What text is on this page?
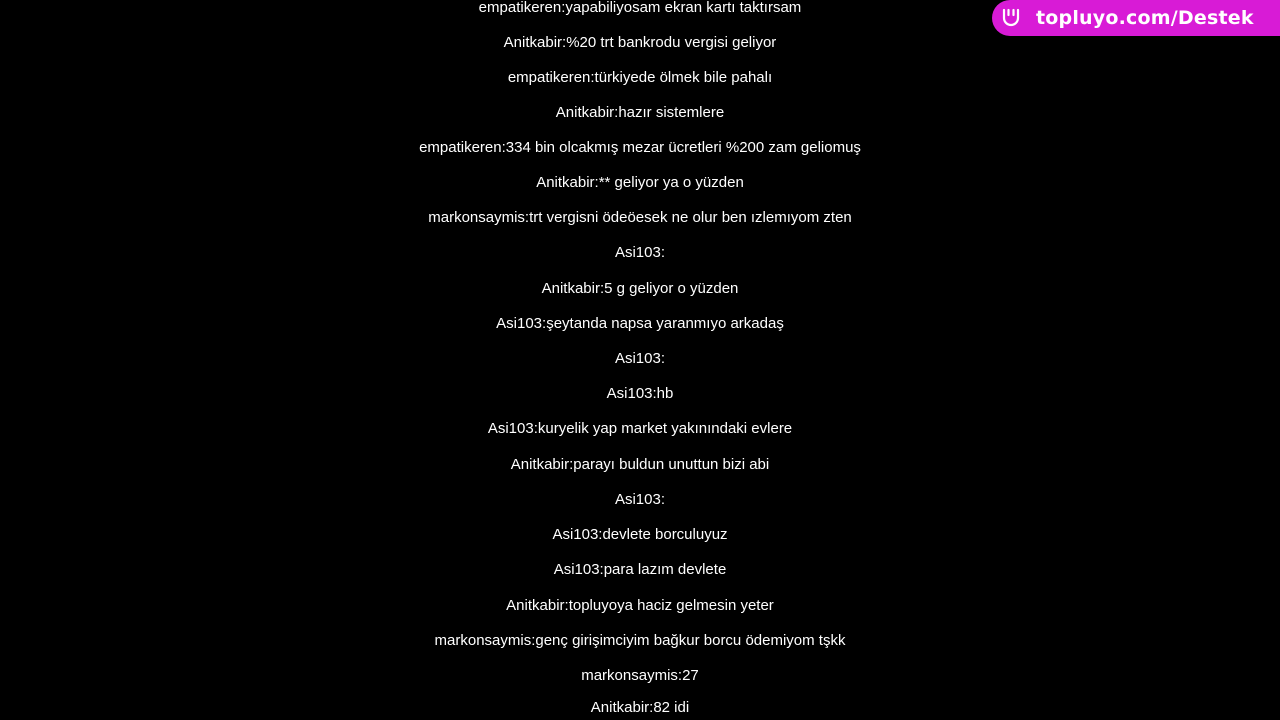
empatikeren:yapabiliyosam ekran kartı taktırsam
Anitkabir:%20 trt bankrodu vergisi geliyor
empatikeren:türkiyede ölmek bile pahalı
Anitkabir:hazır sistemlere
empatikeren:334 bin olcakmış mezar ücretleri %200 zam geliomuş
Anitkabir:** geliyor ya o yüzden
markonsaymis:trt vergisni ödeöesek ne olur ben ızlemıyom zten
Asi103:
Anitkabir:5 g geliyor o yüzden
Asi103:şeytanda napsa yaranmıyo arkadaş
Asi103:
Asi103:hb
Asi103:kuryelik yap market yakınındaki evlere
Anitkabir:parayı buldun unuttun bizi abi
Asi103:
Asi103:devlete borculuyuz
Asi103:para lazım devlete
Anitkabir:topluyoya haciz gelmesin yeter
markonsaymis:genç girişimciyim bağkur borcu ödemiyom tşkk
markonsaymis:27
Anitkabir:82 idi
topluyo.com/Destek
